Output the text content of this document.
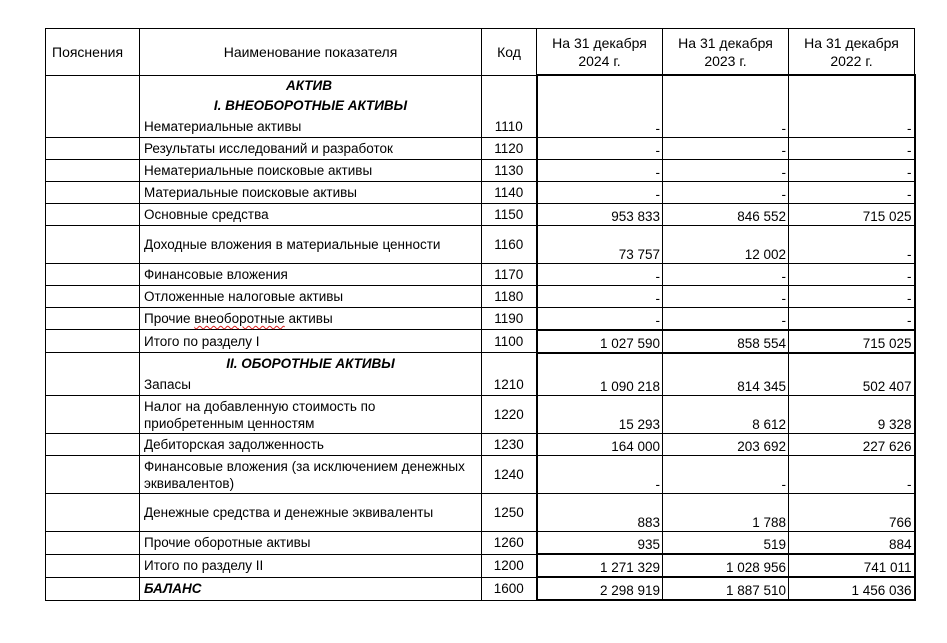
Пояснения	Наименование показателя	Код	На 31 декабря 2024 г.	На 31 декабря 2023 г.	На 31 декабря 2022 г.
	АКТИВ				
	I. ВНЕОБОРОТНЫЕ АКТИВЫ				
	Нематериальные активы	1110	-	-	-
	Результаты исследований и разработок	1120	-	-	-
	Нематериальные поисковые активы	1130	-	-	-
	Материальные поисковые активы	1140	-	-	-
	Основные средства	1150	953 833	846 552	715 025
	Доходные вложения в материальные ценности	1160	73 757	12 002	-
	Финансовые вложения	1170	-	-	-
	Отложенные налоговые активы	1180	-	-	-
	Прочие внеоборотные активы	1190	-	-	-
	Итого по разделу I	1100	1 027 590	858 554	715 025
	II. ОБОРОТНЫЕ АКТИВЫ				
	Запасы	1210	1 090 218	814 345	502 407
	Налог на добавленную стоимость по приобретенным ценностям	1220	15 293	8 612	9 328
	Дебиторская задолженность	1230	164 000	203 692	227 626
	Финансовые вложения (за исключением денежных эквивалентов)	1240	-	-	-
	Денежные средства и денежные эквиваленты	1250	883	1 788	766
	Прочие оборотные активы	1260	935	519	884
	Итого по разделу II	1200	1 271 329	1 028 956	741 011
	БАЛАНС	1600	2 298 919	1 887 510	1 456 036
